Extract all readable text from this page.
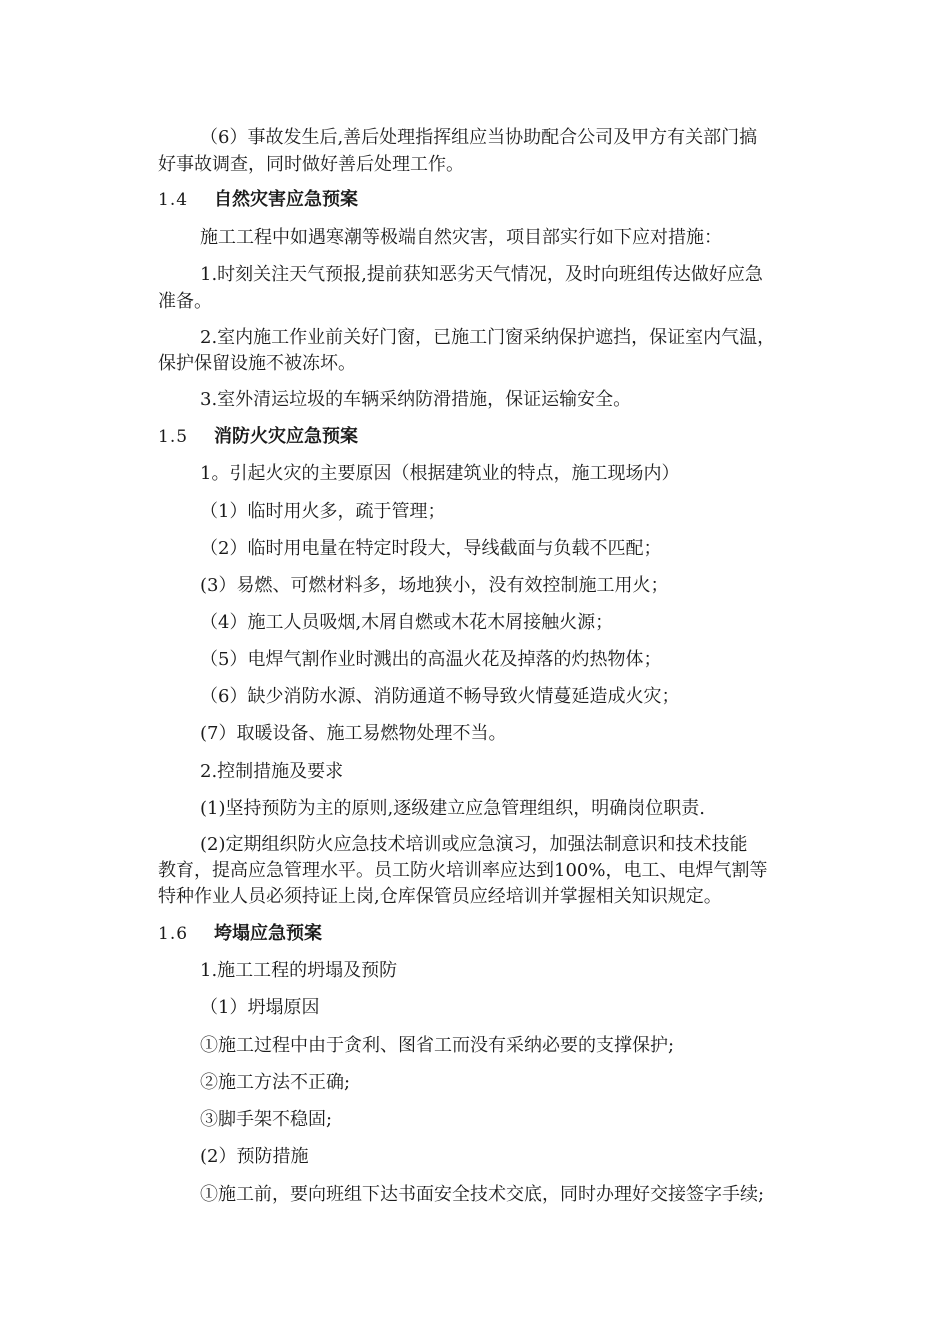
（6）事故发生后,善后处理指挥组应当协助配合公司及甲方有关部门搞
好事故调查，同时做好善后处理工作。
1.4 自然灾害应急预案
施工工程中如遇寒潮等极端自然灾害，项目部实行如下应对措施：
1.时刻关注天气预报,提前获知恶劣天气情况，及时向班组传达做好应急
准备。
2.室内施工作业前关好门窗，已施工门窗采纳保护遮挡，保证室内气温，
保护保留设施不被冻坏。
3.室外清运垃圾的车辆采纳防滑措施，保证运输安全。
1.5 消防火灾应急预案
1。引起火灾的主要原因（根据建筑业的特点，施工现场内）
（1）临时用火多，疏于管理；
（2）临时用电量在特定时段大，导线截面与负载不匹配；
(3）易燃、可燃材料多，场地狭小，没有效控制施工用火；
（4）施工人员吸烟,木屑自燃或木花木屑接触火源；
（5）电焊气割作业时溅出的高温火花及掉落的灼热物体；
（6）缺少消防水源、消防通道不畅导致火情蔓延造成火灾；
(7）取暖设备、施工易燃物处理不当。
2.控制措施及要求
(1)坚持预防为主的原则,逐级建立应急管理组织，明确岗位职责.
(2)定期组织防火应急技术培训或应急演习，加强法制意识和技术技能
教育，提高应急管理水平。员工防火培训率应达到100%，电工、电焊气割等
特种作业人员必须持证上岗,仓库保管员应经培训并掌握相关知识规定。
1.6 垮塌应急预案
1.施工工程的坍塌及预防
（1）坍塌原因
①施工过程中由于贪利、图省工而没有采纳必要的支撑保护;
②施工方法不正确;
③脚手架不稳固;
(2）预防措施
①施工前，要向班组下达书面安全技术交底，同时办理好交接签字手续;
